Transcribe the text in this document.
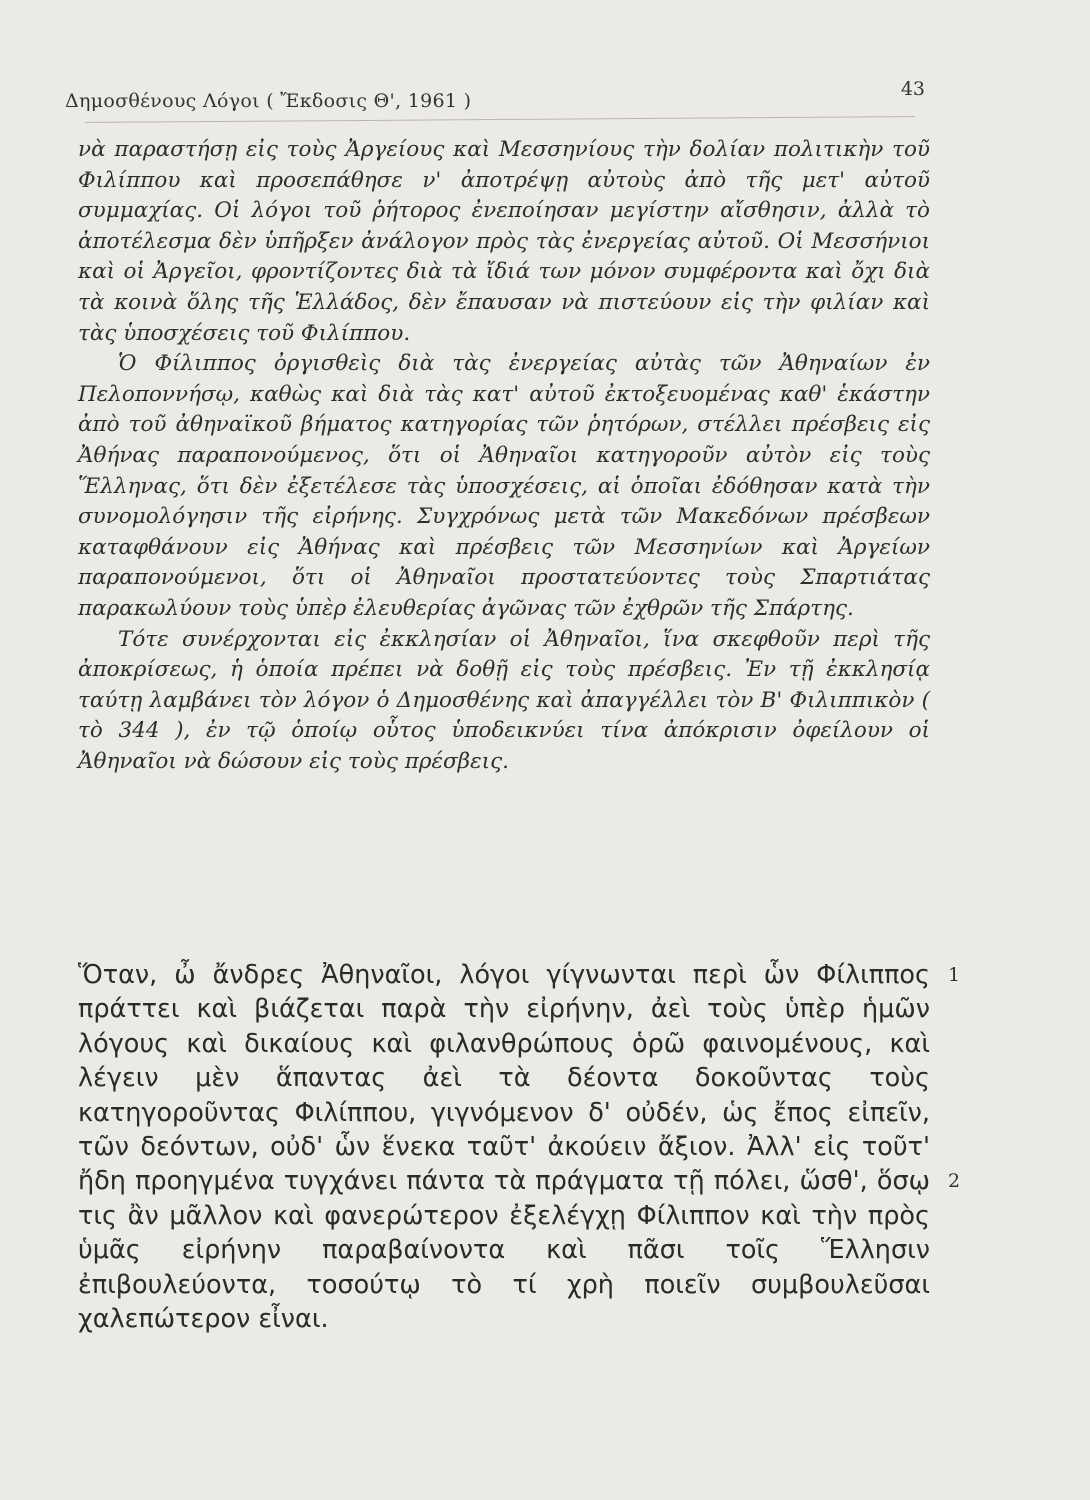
Δημοσθένους Λόγοι ( Ἔκδοσις Θ', 1961 )
43

νὰ παραστήσῃ εἰς τοὺς Ἀργείους καὶ Μεσσηνίους τὴν δολίαν πολιτικὴν τοῦ Φιλίππου καὶ προσεπάθησε ν' ἀποτρέψῃ αὐτοὺς ἀπὸ τῆς μετ' αὐτοῦ συμμαχίας. Οἱ λόγοι τοῦ ῥήτορος ἐνεποίησαν μεγίστην αἴσθησιν, ἀλλὰ τὸ ἀποτέλεσμα δὲν ὑπῆρξεν ἀνάλογον πρὸς τὰς ἐνεργείας αὐτοῦ. Οἱ Μεσσήνιοι καὶ οἱ Ἀργεῖοι, φροντίζοντες διὰ τὰ ἴδιά των μόνον συμφέροντα καὶ ὄχι διὰ τὰ κοινὰ ὅλης τῆς Ἑλλάδος, δὲν ἔπαυσαν νὰ πιστεύουν εἰς τὴν φιλίαν καὶ τὰς ὑποσχέσεις τοῦ Φιλίππου.

Ὁ Φίλιππος ὀργισθεὶς διὰ τὰς ἐνεργείας αὐτὰς τῶν Ἀθηναίων ἐν Πελοποννήσῳ, καθὼς καὶ διὰ τὰς κατ' αὐτοῦ ἐκτοξευομένας καθ' ἑκάστην ἀπὸ τοῦ ἀθηναϊκοῦ βήματος κατηγορίας τῶν ῥητόρων, στέλλει πρέσβεις εἰς Ἀθήνας παραπονούμενος, ὅτι οἱ Ἀθηναῖοι κατηγοροῦν αὐτὸν εἰς τοὺς Ἕλληνας, ὅτι δὲν ἐξετέλεσε τὰς ὑποσχέσεις, αἱ ὁποῖαι ἐδόθησαν κατὰ τὴν συνομολόγησιν τῆς εἰρήνης. Συγχρόνως μετὰ τῶν Μακεδόνων πρέσβεων καταφθάνουν εἰς Ἀθήνας καὶ πρέσβεις τῶν Μεσσηνίων καὶ Ἀργείων παραπονούμενοι, ὅτι οἱ Ἀθηναῖοι προστατεύοντες τοὺς Σπαρτιάτας παρακωλύουν τοὺς ὑπὲρ ἐλευθερίας ἀγῶνας τῶν ἐχθρῶν τῆς Σπάρτης.

Τότε συνέρχονται εἰς ἐκκλησίαν οἱ Ἀθηναῖοι, ἵνα σκεφθοῦν περὶ τῆς ἀποκρίσεως, ἡ ὁποία πρέπει νὰ δοθῇ εἰς τοὺς πρέσβεις. Ἐν τῇ ἐκκλησίᾳ ταύτῃ λαμβάνει τὸν λόγον ὁ Δημοσθένης καὶ ἀπαγγέλλει τὸν Β' Φιλιππικὸν ( τὸ 344 ), ἐν τῷ ὁποίῳ οὗτος ὑποδεικνύει τίνα ἀπόκρισιν ὀφείλουν οἱ Ἀθηναῖοι νὰ δώσουν εἰς τοὺς πρέσβεις.

Ὅταν, ὦ ἄνδρες Ἀθηναῖοι, λόγοι γίγνωνται περὶ ὧν Φίλιππος πράττει καὶ βιάζεται παρὰ τὴν εἰρήνην, ἀεὶ τοὺς ὑπὲρ ἡμῶν λόγους καὶ δικαίους καὶ φιλανθρώπους ὁρῶ φαινομένους, καὶ λέγειν μὲν ἅπαντας ἀεὶ τὰ δέοντα δοκοῦντας τοὺς κατηγοροῦντας Φιλίππου, γιγνόμενον δ' οὐδέν, ὡς ἔπος εἰπεῖν, τῶν δεόντων, οὐδ' ὧν ἕνεκα ταῦτ' ἀκούειν ἄξιον. Ἀλλ' εἰς τοῦτ' ἤδη προηγμένα τυγχάνει πάντα τὰ πράγματα τῇ πόλει, ὥσθ', ὅσῳ τις ἂν μᾶλλον καὶ φανερώτερον ἐξελέγχῃ Φίλιππον καὶ τὴν πρὸς ὑμᾶς εἰρήνην παραβαίνοντα καὶ πᾶσι τοῖς Ἕλλησιν ἐπιβουλεύοντα, τοσούτῳ τὸ τί χρὴ ποιεῖν συμβουλεῦσαι χαλεπώτερον εἶναι.

1
2
